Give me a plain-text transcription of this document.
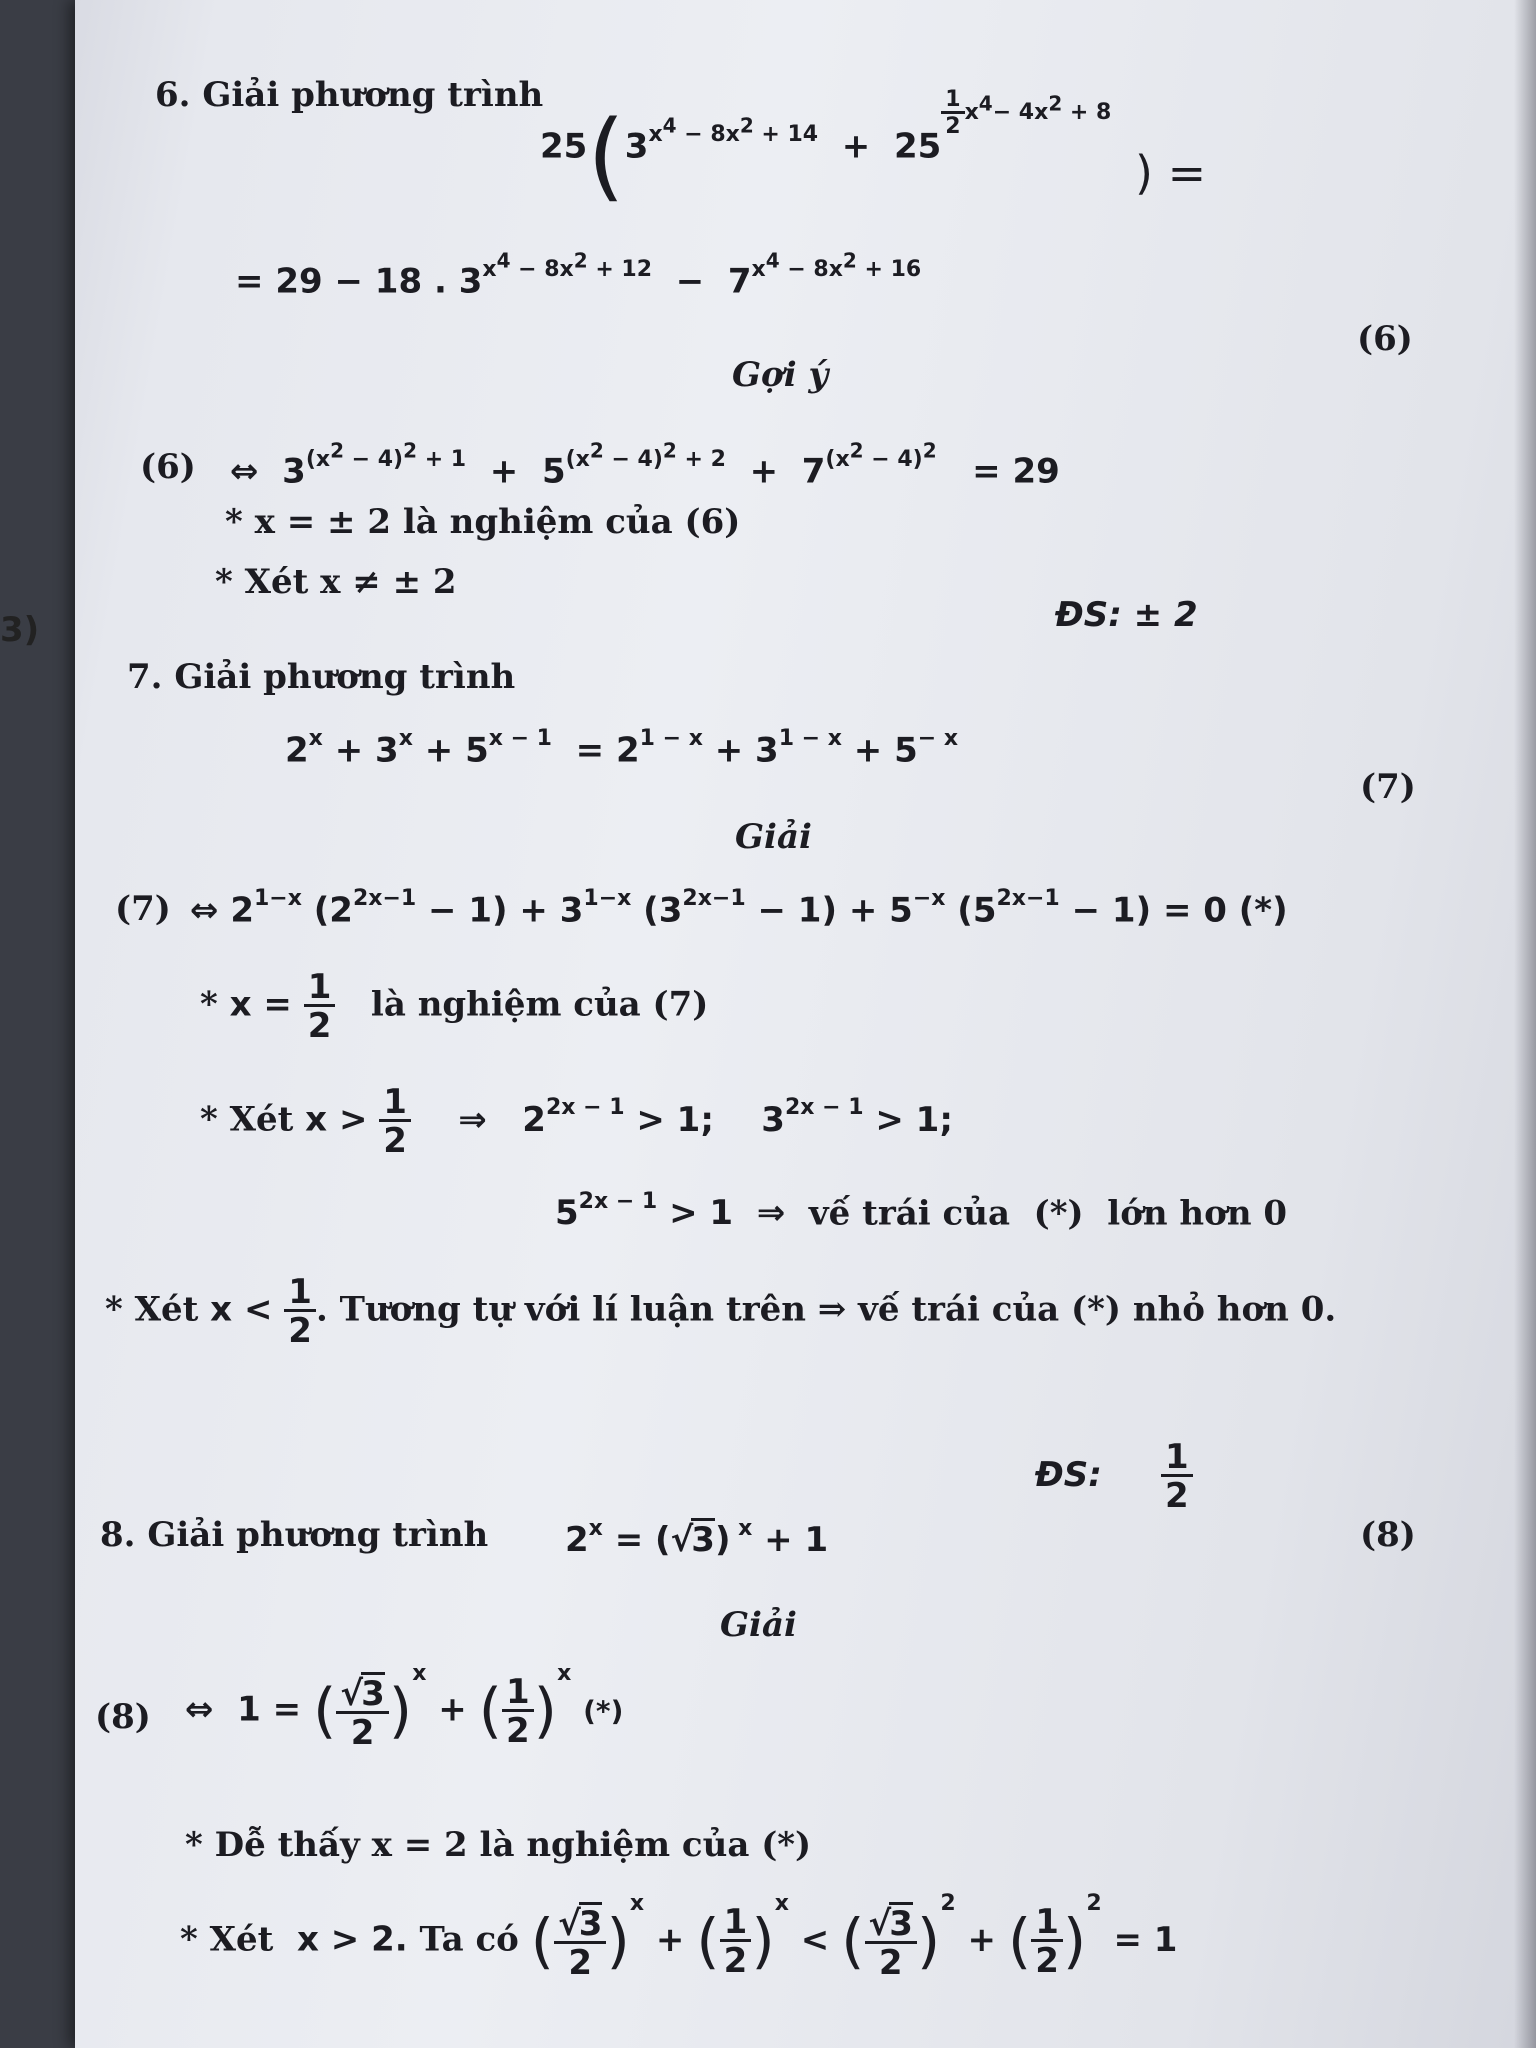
3)
6. Giải phương trình
$25(3^{x4 - 8x2 + 14} + 25$
$^{\frac{1}{2} x4- 4x2 + 8}$
) =
= 29 − 18 . $3^{x4 - 8x2 + 12} - 7^{x4 - 8x2 + 16}$
(6)
Gợi ý
(6) ⇔  $3^{(x2 - 4)2 + 1} + 5^{(x2 - 4)2 + 2} + 7^{(x2 - 4)2} = 29$
* x = ± 2 là nghiệm của (6)
* Xét x ≠ ± 2
ĐS: ± 2
7. Giải phương trình
$2^x + 3^x + 5^{x - 1} = 2^{1 - x} + 3^{1 - x} + 5^{- x}$
(7)
Giải
(7) ⇔ $2^{1-x}$ $(2^{2x-1} - 1) + 3^{1-x}$ $(3^{2x-1} - 1) + 5^{-x}$ $(5^{2x-1} - 1) = 0$ (*)
* $x = \frac{1}{2}$ là nghiệm của (7)
* Xét $x > \frac{1}{2}$ ⇒   $2^{2x - 1} > 1$;    $3^{2x - 1} > 1$;
$5^{2x - 1} > 1$  ⇒  vế trái của  (*)  lớn hơn 0
* Xét $x < \frac{1}{2}$ . Tương tự với lí luận trên ⇒ vế trái của (*) nhỏ hơn 0.
ĐS: $\frac{1}{2}$
8. Giải phương trình $2^x = (√3) ^x + 1$	(8)
Giải
(8) ⇔  1 = ( $\frac{√3}{2} )^x$ + ( $\frac{1}{2} )^x$ (*)
* Dễ thấy x = 2 là nghiệm của (*)
* Xét  x > 2. Ta có ( $\frac{√3}{2} )^x$ + ( $\frac{1}{2} )^x$ < ( $\frac{√3}{2} )^2$ + ( $\frac{1}{2} )^2 = 1$
